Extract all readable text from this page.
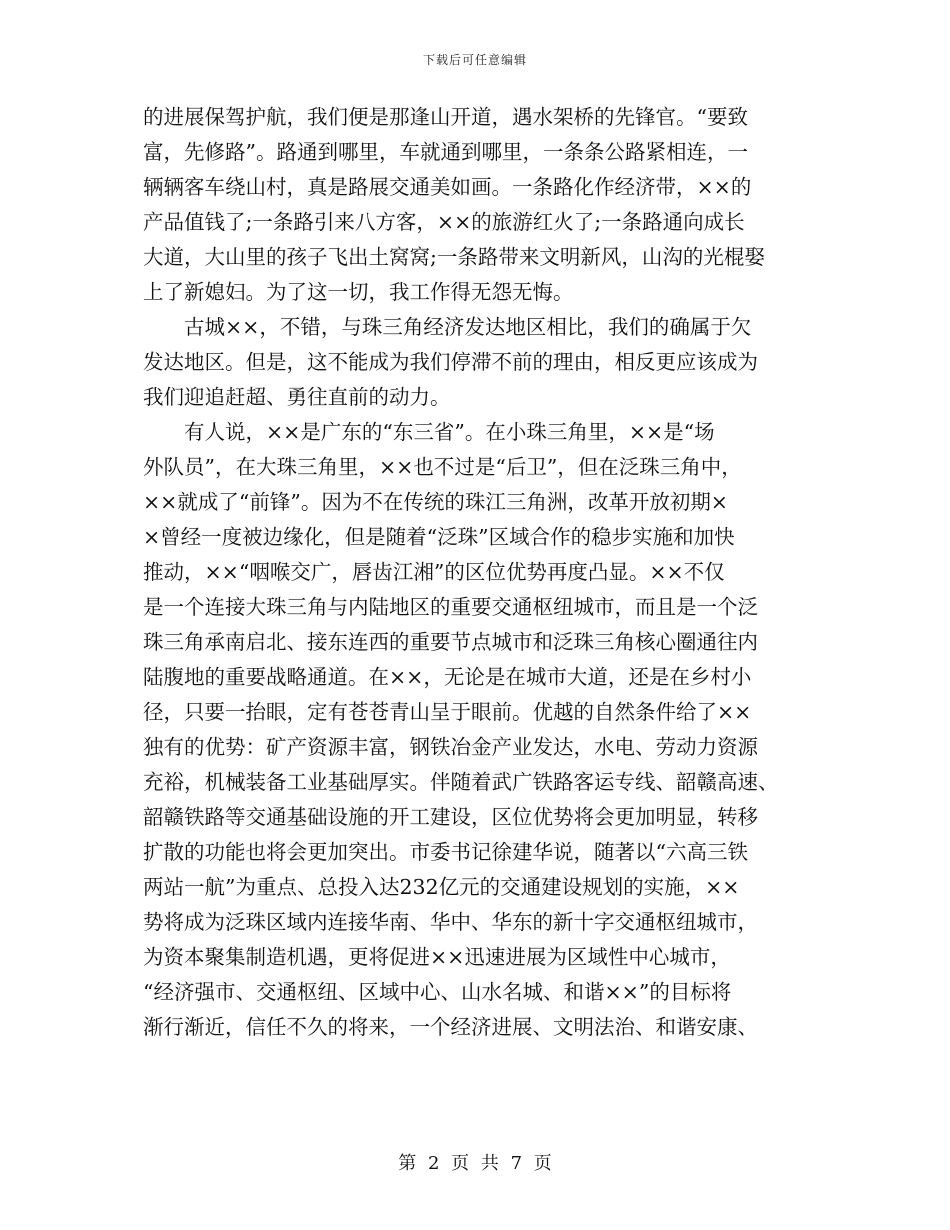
下载后可任意编辑
的进展保驾护航，我们便是那逢山开道，遇水架桥的先锋官。“要致
富，先修路”。路通到哪里，车就通到哪里，一条条公路紧相连，一
辆辆客车绕山村，真是路展交通美如画。一条路化作经济带，××的
产品值钱了;一条路引来八方客，××的旅游红火了;一条路通向成长
大道，大山里的孩子飞出土窝窝;一条路带来文明新风，山沟的光棍娶
上了新媳妇。为了这一切，我工作得无怨无悔。
　　古城××，不错，与珠三角经济发达地区相比，我们的确属于欠
发达地区。但是，这不能成为我们停滞不前的理由，相反更应该成为
我们迎追赶超、勇往直前的动力。
　　有人说，××是广东的“东三省”。在小珠三角里，××是“场
外队员”，在大珠三角里，××也不过是“后卫”，但在泛珠三角中，
××就成了“前锋”。因为不在传统的珠江三角洲，改革开放初期×
×曾经一度被边缘化，但是随着“泛珠”区域合作的稳步实施和加快
推动，××“咽喉交广，唇齿江湘”的区位优势再度凸显。××不仅
是一个连接大珠三角与内陆地区的重要交通枢纽城市，而且是一个泛
珠三角承南启北、接东连西的重要节点城市和泛珠三角核心圈通往内
陆腹地的重要战略通道。在××，无论是在城市大道，还是在乡村小
径，只要一抬眼，定有苍苍青山呈于眼前。优越的自然条件给了××
独有的优势：矿产资源丰富，钢铁冶金产业发达，水电、劳动力资源
充裕，机械装备工业基础厚实。伴随着武广铁路客运专线、韶赣高速、
韶赣铁路等交通基础设施的开工建设，区位优势将会更加明显，转移
扩散的功能也将会更加突出。市委书记徐建华说，随著以“六高三铁
两站一航”为重点、总投入达232亿元的交通建设规划的实施，××
势将成为泛珠区域内连接华南、华中、华东的新十字交通枢纽城市，
为资本聚集制造机遇，更将促进××迅速进展为区域性中心城市，
“经济强市、交通枢纽、区域中心、山水名城、和谐××”的目标将
渐行渐近，信任不久的将来，一个经济进展、文明法治、和谐安康、
第 2 页 共 7 页
